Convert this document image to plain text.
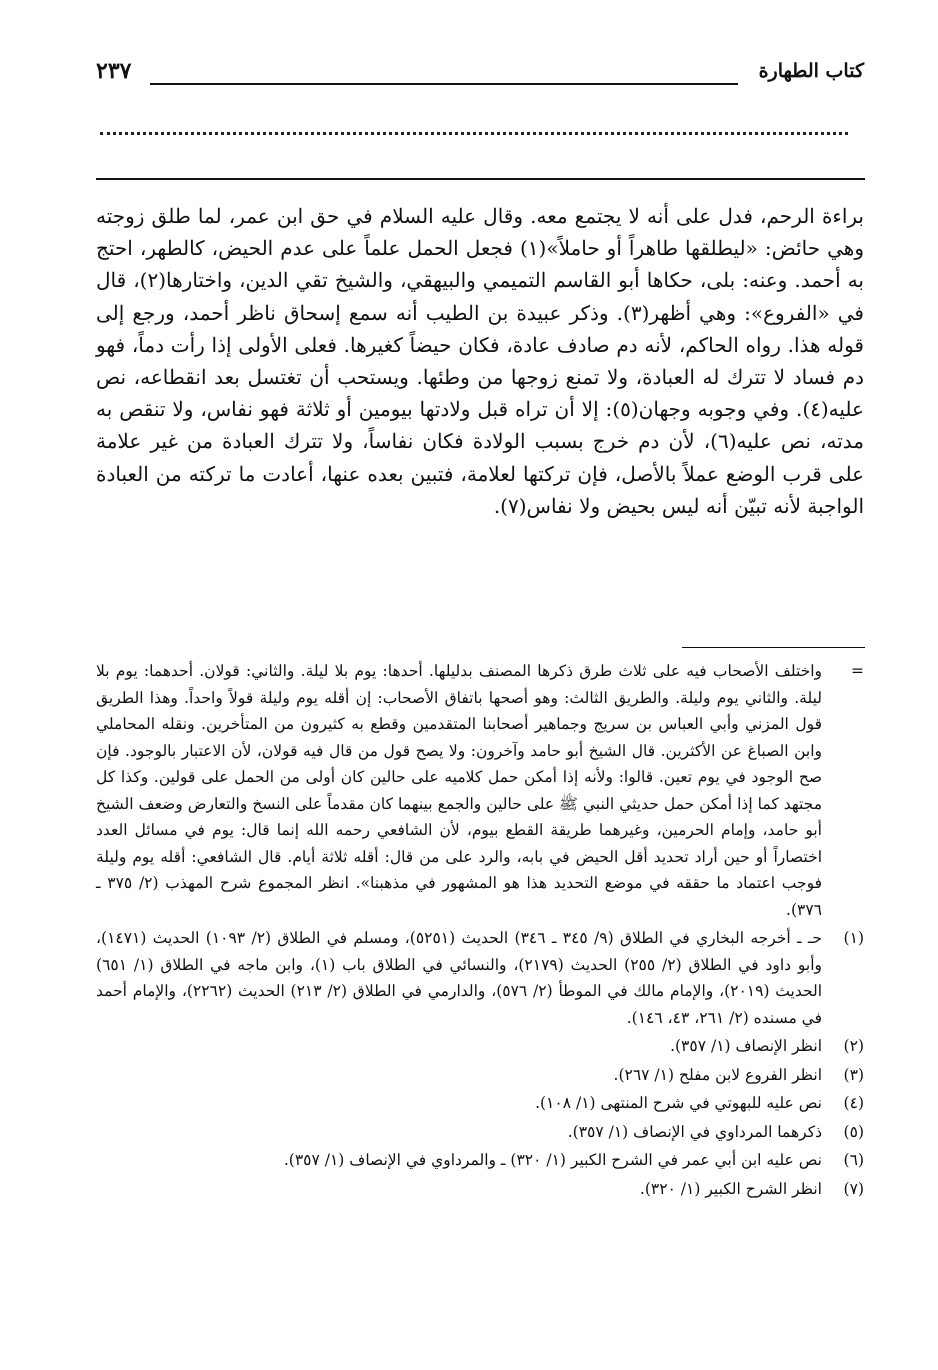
كتاب الطهارة
٢٣٧

براءة الرحم، فدل على أنه لا يجتمع معه. وقال عليه السلام في حق ابن عمر، لما طلق زوجته وهي حائض: «ليطلقها طاهراً أو حاملاً»(١) فجعل الحمل علماً على عدم الحيض، كالطهر، احتج به أحمد. وعنه: بلى، حكاها أبو القاسم التميمي والبيهقي، والشيخ تقي الدين، واختارها(٢)، قال في «الفروع»: وهي أظهر(٣). وذكر عبيدة بن الطيب أنه سمع إسحاق ناظر أحمد، ورجع إلى قوله هذا. رواه الحاكم، لأنه دم صادف عادة، فكان حيضاً كغيرها. فعلى الأولى إذا رأت دماً، فهو دم فساد لا تترك له العبادة، ولا تمنع زوجها من وطئها. ويستحب أن تغتسل بعد انقطاعه، نص عليه(٤). وفي وجوبه وجهان(٥): إلا أن تراه قبل ولادتها بيومين أو ثلاثة فهو نفاس، ولا تنقص به مدته، نص عليه(٦)، لأن دم خرج بسبب الولادة فكان نفاساً، ولا تترك العبادة من غير علامة على قرب الوضع عملاً بالأصل، فإن تركتها لعلامة، فتبين بعده عنها، أعادت ما تركته من العبادة الواجبة لأنه تبيّن أنه ليس بحيض ولا نفاس(٧).

=

واختلف الأصحاب فيه على ثلاث طرق ذكرها المصنف بدليلها. أحدها: يوم بلا ليلة. والثاني: قولان. أحدهما: يوم بلا ليلة. والثاني يوم وليلة. والطريق الثالث: وهو أصحها باتفاق الأصحاب: إن أقله يوم وليلة قولاً واحداً. وهذا الطريق قول المزني وأبي العباس بن سريج وجماهير أصحابنا المتقدمين وقطع به كثيرون من المتأخرين. ونقله المحاملي وابن الصباغ عن الأكثرين. قال الشيخ أبو حامد وآخرون: ولا يصح قول من قال فيه قولان، لأن الاعتبار بالوجود. فإن صح الوجود في يوم تعين. قالوا: ولأنه إذا أمكن حمل كلاميه على حالين كان أولى من الحمل على قولين. وكذا كل مجتهد كما إذا أمكن حمل حديثي النبي ﷺ على حالين والجمع بينهما كان مقدماً على النسخ والتعارض وضعف الشيخ أبو حامد، وإمام الحرمين، وغيرهما طريقة القطع بيوم، لأن الشافعي رحمه الله إنما قال: يوم في مسائل العدد اختصاراً أو حين أراد تحديد أقل الحيض في بابه، والرد على من قال: أقله ثلاثة أيام. قال الشافعي: أقله يوم وليلة فوجب اعتماد ما حققه في موضع التحديد هذا هو المشهور في مذهبنا». انظر المجموع شرح المهذب (٢/ ٣٧٥ ـ ٣٧٦).

(١)

حـ ـ أخرجه البخاري في الطلاق (٩/ ٣٤٥ ـ ٣٤٦) الحديث (٥٢٥١)، ومسلم في الطلاق (٢/ ١٠٩٣) الحديث (١٤٧١)، وأبو داود في الطلاق (٢/ ٢٥٥) الحديث (٢١٧٩)، والنسائي في الطلاق باب (١)، وابن ماجه في الطلاق (١/ ٦٥١) الحديث (٢٠١٩)، والإمام مالك في الموطأ (٢/ ٥٧٦)، والدارمي في الطلاق (٢/ ٢١٣) الحديث (٢٢٦٢)، والإمام أحمد في مسنده (٢/ ٢٦١، ٤٣، ١٤٦).

(٢)

انظر الإنصاف (١/ ٣٥٧).

(٣)

انظر الفروع لابن مفلح (١/ ٢٦٧).

(٤)

نص عليه للبهوتي في شرح المنتهى (١/ ١٠٨).

(٥)

ذكرهما المرداوي في الإنصاف (١/ ٣٥٧).

(٦)

نص عليه ابن أبي عمر في الشرح الكبير (١/ ٣٢٠) ـ والمرداوي في الإنصاف (١/ ٣٥٧).

(٧)

انظر الشرح الكبير (١/ ٣٢٠).
